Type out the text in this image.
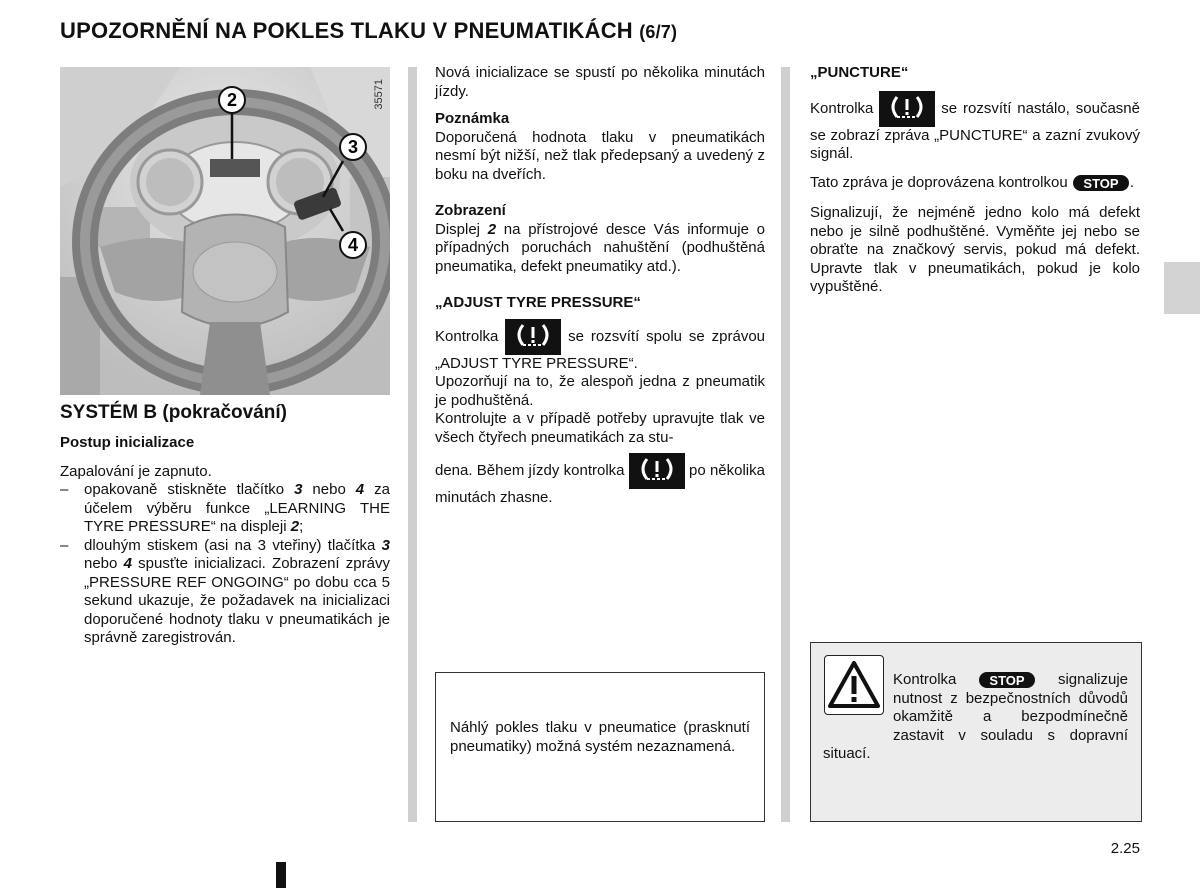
UPOZORNĚNÍ NA POKLES TLAKU V PNEUMATIKÁCH (6/7)
2
3
4
35571
SYSTÉM B (pokračování)
Postup inicializace
Zapalování je zapnuto.
– opakovaně stiskněte tlačítko 3 nebo 4 za účelem výběru funkce „LEARNING THE TYRE PRESSURE“ na displeji 2;
– dlouhým stiskem (asi na 3 vteřiny) tlačítka 3 nebo 4 spusťte inicializaci. Zobrazení zprávy „PRESSURE REF ONGOING“ po dobu cca 5 sekund ukazuje, že požadavek na inicializaci doporučené hodnoty tlaku v pneumatikách je správně zaregistrován.
Nová inicializace se spustí po několika minutách jízdy.
Poznámka
Doporučená hodnota tlaku v pneumatikách nesmí být nižší, než tlak předepsaný a uvedený z boku na dveřích.
Zobrazení
Displej 2 na přístrojové desce Vás informuje o případných poruchách nahuštění (podhuštěná pneumatika, defekt pneumatiky atd.).
„ADJUST TYRE PRESSURE“
Kontrolka	se rozsvítí spolu se zprávou „ADJUST TYRE PRESSURE“.
Upozorňují na to, že alespoň jedna z pneumatik je podhuštěná.
Kontrolujte a v případě potřeby upravujte tlak ve všech čtyřech pneumatikách za stu-
dena. Během jízdy kontrolka	po několika minutách zhasne.
Náhlý pokles tlaku v pneumatice (prasknutí pneumatiky) možná systém nezaznamená.
„PUNCTURE“
Kontrolka	se rozsvítí nastálo, současně se zobrazí zpráva „PUNCTURE“ a zazní zvukový signál.
Tato zpráva je doprovázena kontrolkou STOP .
Signalizují, že nejméně jedno kolo má defekt nebo je silně podhuštěné. Vyměňte jej nebo se obraťte na značkový servis, pokud má defekt. Upravte tlak v pneumatikách, pokud je kolo vypuštěné.
Kontrolka	STOP signalizuje nutnost z bezpečnostních důvodů okamžitě a bezpodmínečně zastavit v souladu s dopravní situací.
2.25
